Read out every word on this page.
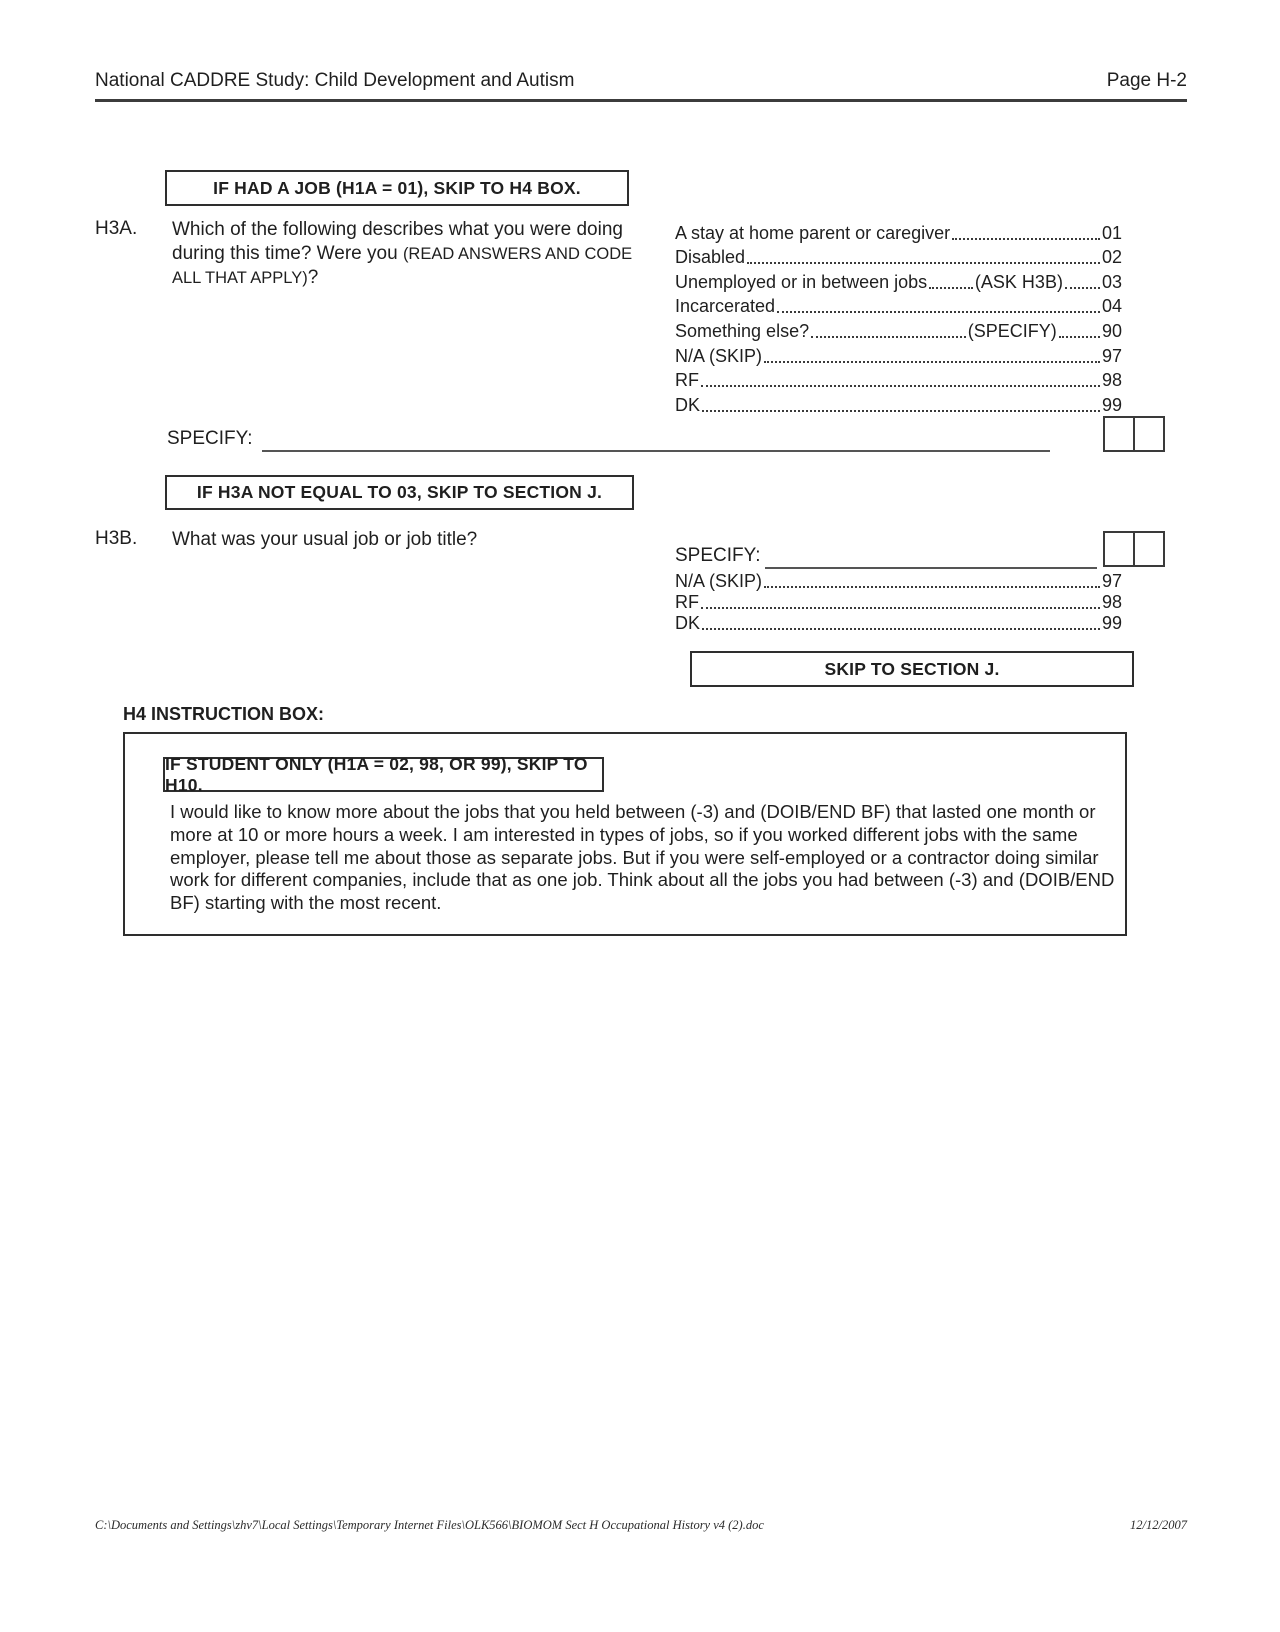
National CADDRE Study: Child Development and Autism	Page H-2
IF HAD A JOB (H1A = 01), SKIP TO H4 BOX.
H3A. Which of the following describes what you were doing during this time? Were you (READ ANSWERS AND CODE ALL THAT APPLY)?
A stay at home parent or caregiver	01
Disabled	02
Unemployed or in between jobs	(ASK H3B) 03
Incarcerated	04
Something else?	(SPECIFY)	90
N/A (SKIP)	97
RF	98
DK	99
SPECIFY:
IF H3A NOT EQUAL TO 03, SKIP TO SECTION J.
H3B. What was your usual job or job title?
SPECIFY:
N/A (SKIP)	97
RF	98
DK	99
SKIP TO SECTION J.
H4 INSTRUCTION BOX:
IF STUDENT ONLY (H1A = 02, 98, OR 99), SKIP TO H10.
I would like to know more about the jobs that you held between (-3) and (DOIB/END BF) that lasted one month or more at 10 or more hours a week. I am interested in types of jobs, so if you worked different jobs with the same employer, please tell me about those as separate jobs. But if you were self-employed or a contractor doing similar work for different companies, include that as one job. Think about all the jobs you had between (-3) and (DOIB/END BF) starting with the most recent.
C:\Documents and Settings\zhv7\Local Settings\Temporary Internet Files\OLK566\BIOMOM Sect H Occupational History v4 (2).doc	12/12/2007
